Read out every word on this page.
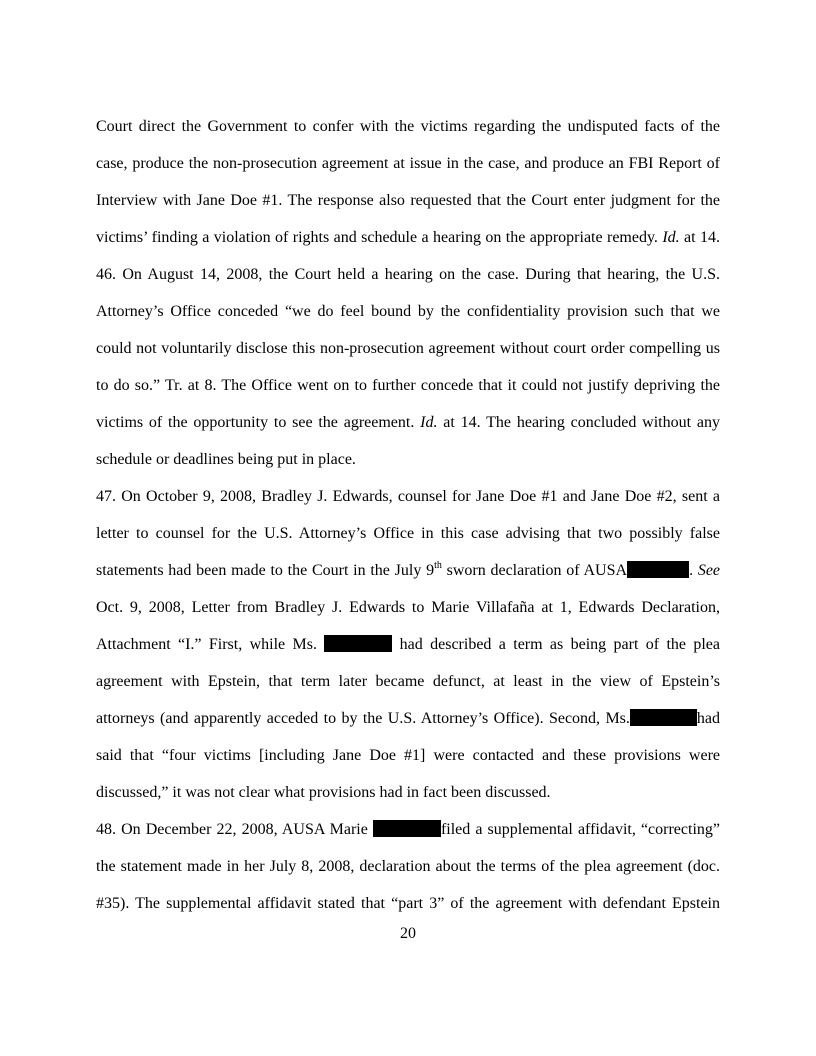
Court direct the Government to confer with the victims regarding the undisputed facts of the
case, produce the non-prosecution agreement at issue in the case, and produce an FBI Report of
Interview with Jane Doe #1. The response also requested that the Court enter judgment for the
victims’ finding a violation of rights and schedule a hearing on the appropriate remedy. Id. at 14.
46. On August 14, 2008, the Court held a hearing on the case. During that hearing, the U.S.
Attorney’s Office conceded “we do feel bound by the confidentiality provision such that we
could not voluntarily disclose this non-prosecution agreement without court order compelling us
to do so.” Tr. at 8. The Office went on to further concede that it could not justify depriving the
victims of the opportunity to see the agreement. Id. at 14. The hearing concluded without any
schedule or deadlines being put in place.
47. On October 9, 2008, Bradley J. Edwards, counsel for Jane Doe #1 and Jane Doe #2, sent a
letter to counsel for the U.S. Attorney’s Office in this case advising that two possibly false
statements had been made to the Court in the July 9th sworn declaration of AUSA	. See
Oct. 9, 2008, Letter from Bradley J. Edwards to Marie Villafaña at 1, Edwards Declaration,
Attachment “I.” First, while Ms.	had described a term as being part of the plea
agreement with Epstein, that term later became defunct, at least in the view of Epstein’s
attorneys (and apparently acceded to by the U.S. Attorney’s Office). Second, Ms.	had
said that “four victims [including Jane Doe #1] were contacted and these provisions were
discussed,” it was not clear what provisions had in fact been discussed.
48. On December 22, 2008, AUSA Marie	filed a supplemental affidavit, “correcting”
the statement made in her July 8, 2008, declaration about the terms of the plea agreement (doc.
#35). The supplemental affidavit stated that “part 3” of the agreement with defendant Epstein
20
